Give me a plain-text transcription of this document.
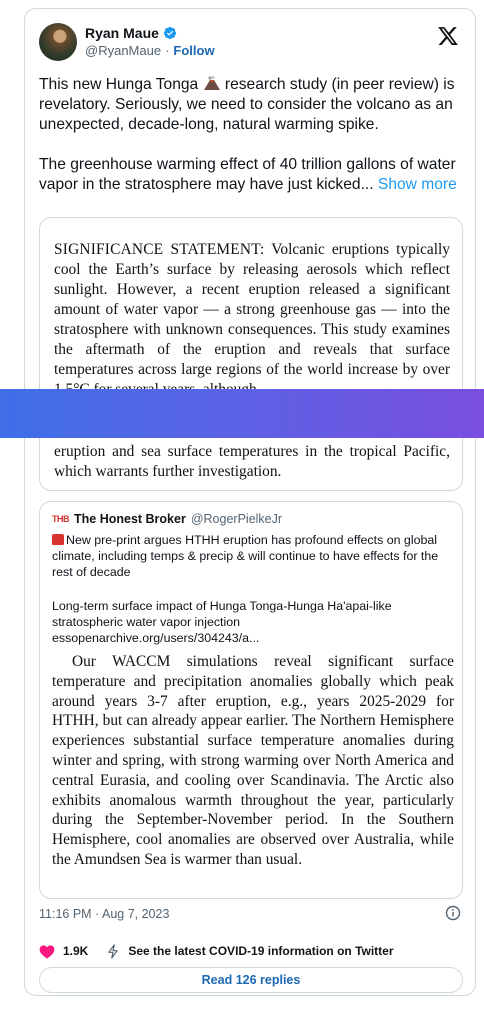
Ryan Maue
@RyanMaue · Follow

This new Hunga Tonga  research study (in peer review) is revelatory. Seriously, we need to consider the volcano as an unexpected, decade-long, natural warming spike.

The greenhouse warming effect of 40 trillion gallons of water vapor in the stratosphere may have just kicked... Show more

SIGNIFICANCE STATEMENT: Volcanic eruptions typically cool the Earth’s surface by releasing aerosols which reflect sunlight. However, a recent eruption released a significant amount of water vapor — a strong greenhouse gas — into the stratosphere with unknown consequences. This study examines the aftermath of the eruption and reveals that surface temperatures across large regions of the world increase by over
eruption and sea surface temperatures in the tropical Pacific, which warrants further investigation.
THB The Honest Broker @RogerPielkeJr
New pre-print argues HTHH eruption has profound effects on global climate, including temps & precip & will continue to have effects for the rest of decade
Long-term surface impact of Hunga Tonga-Hunga Ha'apai-like stratospheric water vapor injection
essopenarchive.org/users/304243/a...
Our WACCM simulations reveal significant surface temperature and precipitation anomalies globally which peak around years 3-7 after eruption, e.g., years 2025-2029 for HTHH, but can already appear earlier. The Northern Hemisphere experiences substantial surface temperature anomalies during winter and spring, with strong warming over North America and central Eurasia, and cooling over Scandinavia. The Arctic also exhibits anomalous warmth throughout the year, particularly during the September-November period. In the Southern Hemisphere, cool anomalies are observed over Australia, while the Amundsen Sea is warmer than usual.
11:16 PM · Aug 7, 2023
1.9K	See the latest COVID-19 information on Twitter
Read 126 replies
